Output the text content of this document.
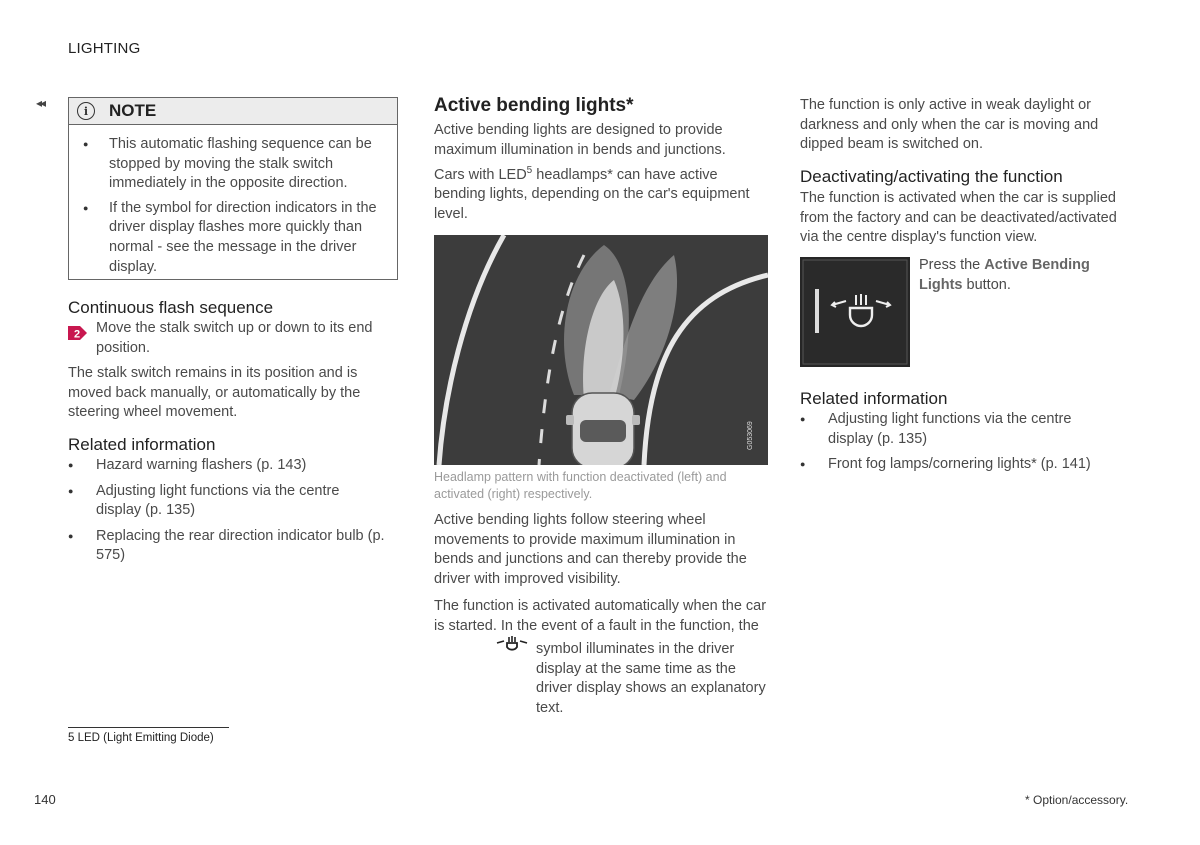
LIGHTING
◂◂
i	NOTE
● This automatic flashing sequence can be stopped by moving the stalk switch immediately in the opposite direction.
● If the symbol for direction indicators in the driver display flashes more quickly than normal - see the message in the driver display.
Continuous flash sequence
2 Move the stalk switch up or down to its end position.

The stalk switch remains in its position and is moved back manually, or automatically by the steering wheel movement.

Related information
● Hazard warning flashers (p. 143)
● Adjusting light functions via the centre display (p. 135)
● Replacing the rear direction indicator bulb (p. 575)
Active bending lights*

Active bending lights are designed to provide maximum illumination in bends and junctions.

Cars with LED$^5$ headlamps* can have active bending lights, depending on the car's equipment level.

G053069

Headlamp pattern with function deactivated (left) and activated (right) respectively.

Active bending lights follow steering wheel movements to provide maximum illumination in bends and junctions and can thereby provide the driver with improved visibility.

The function is activated automatically when the car is started. In the event of a fault in the function, the

symbol illuminates in the driver display at the same time as the driver display shows an explanatory text.

The function is only active in weak daylight or darkness and only when the car is moving and dipped beam is switched on.

Deactivating/activating the function

The function is activated when the car is supplied from the factory and can be deactivated/activated via the centre display's function view.

Press the Active Bending Lights button.

Related information
● Adjusting light functions via the centre display (p. 135)
● Front fog lamps/cornering lights* (p. 141)
5 LED (Light Emitting Diode)
140	* Option/accessory.
